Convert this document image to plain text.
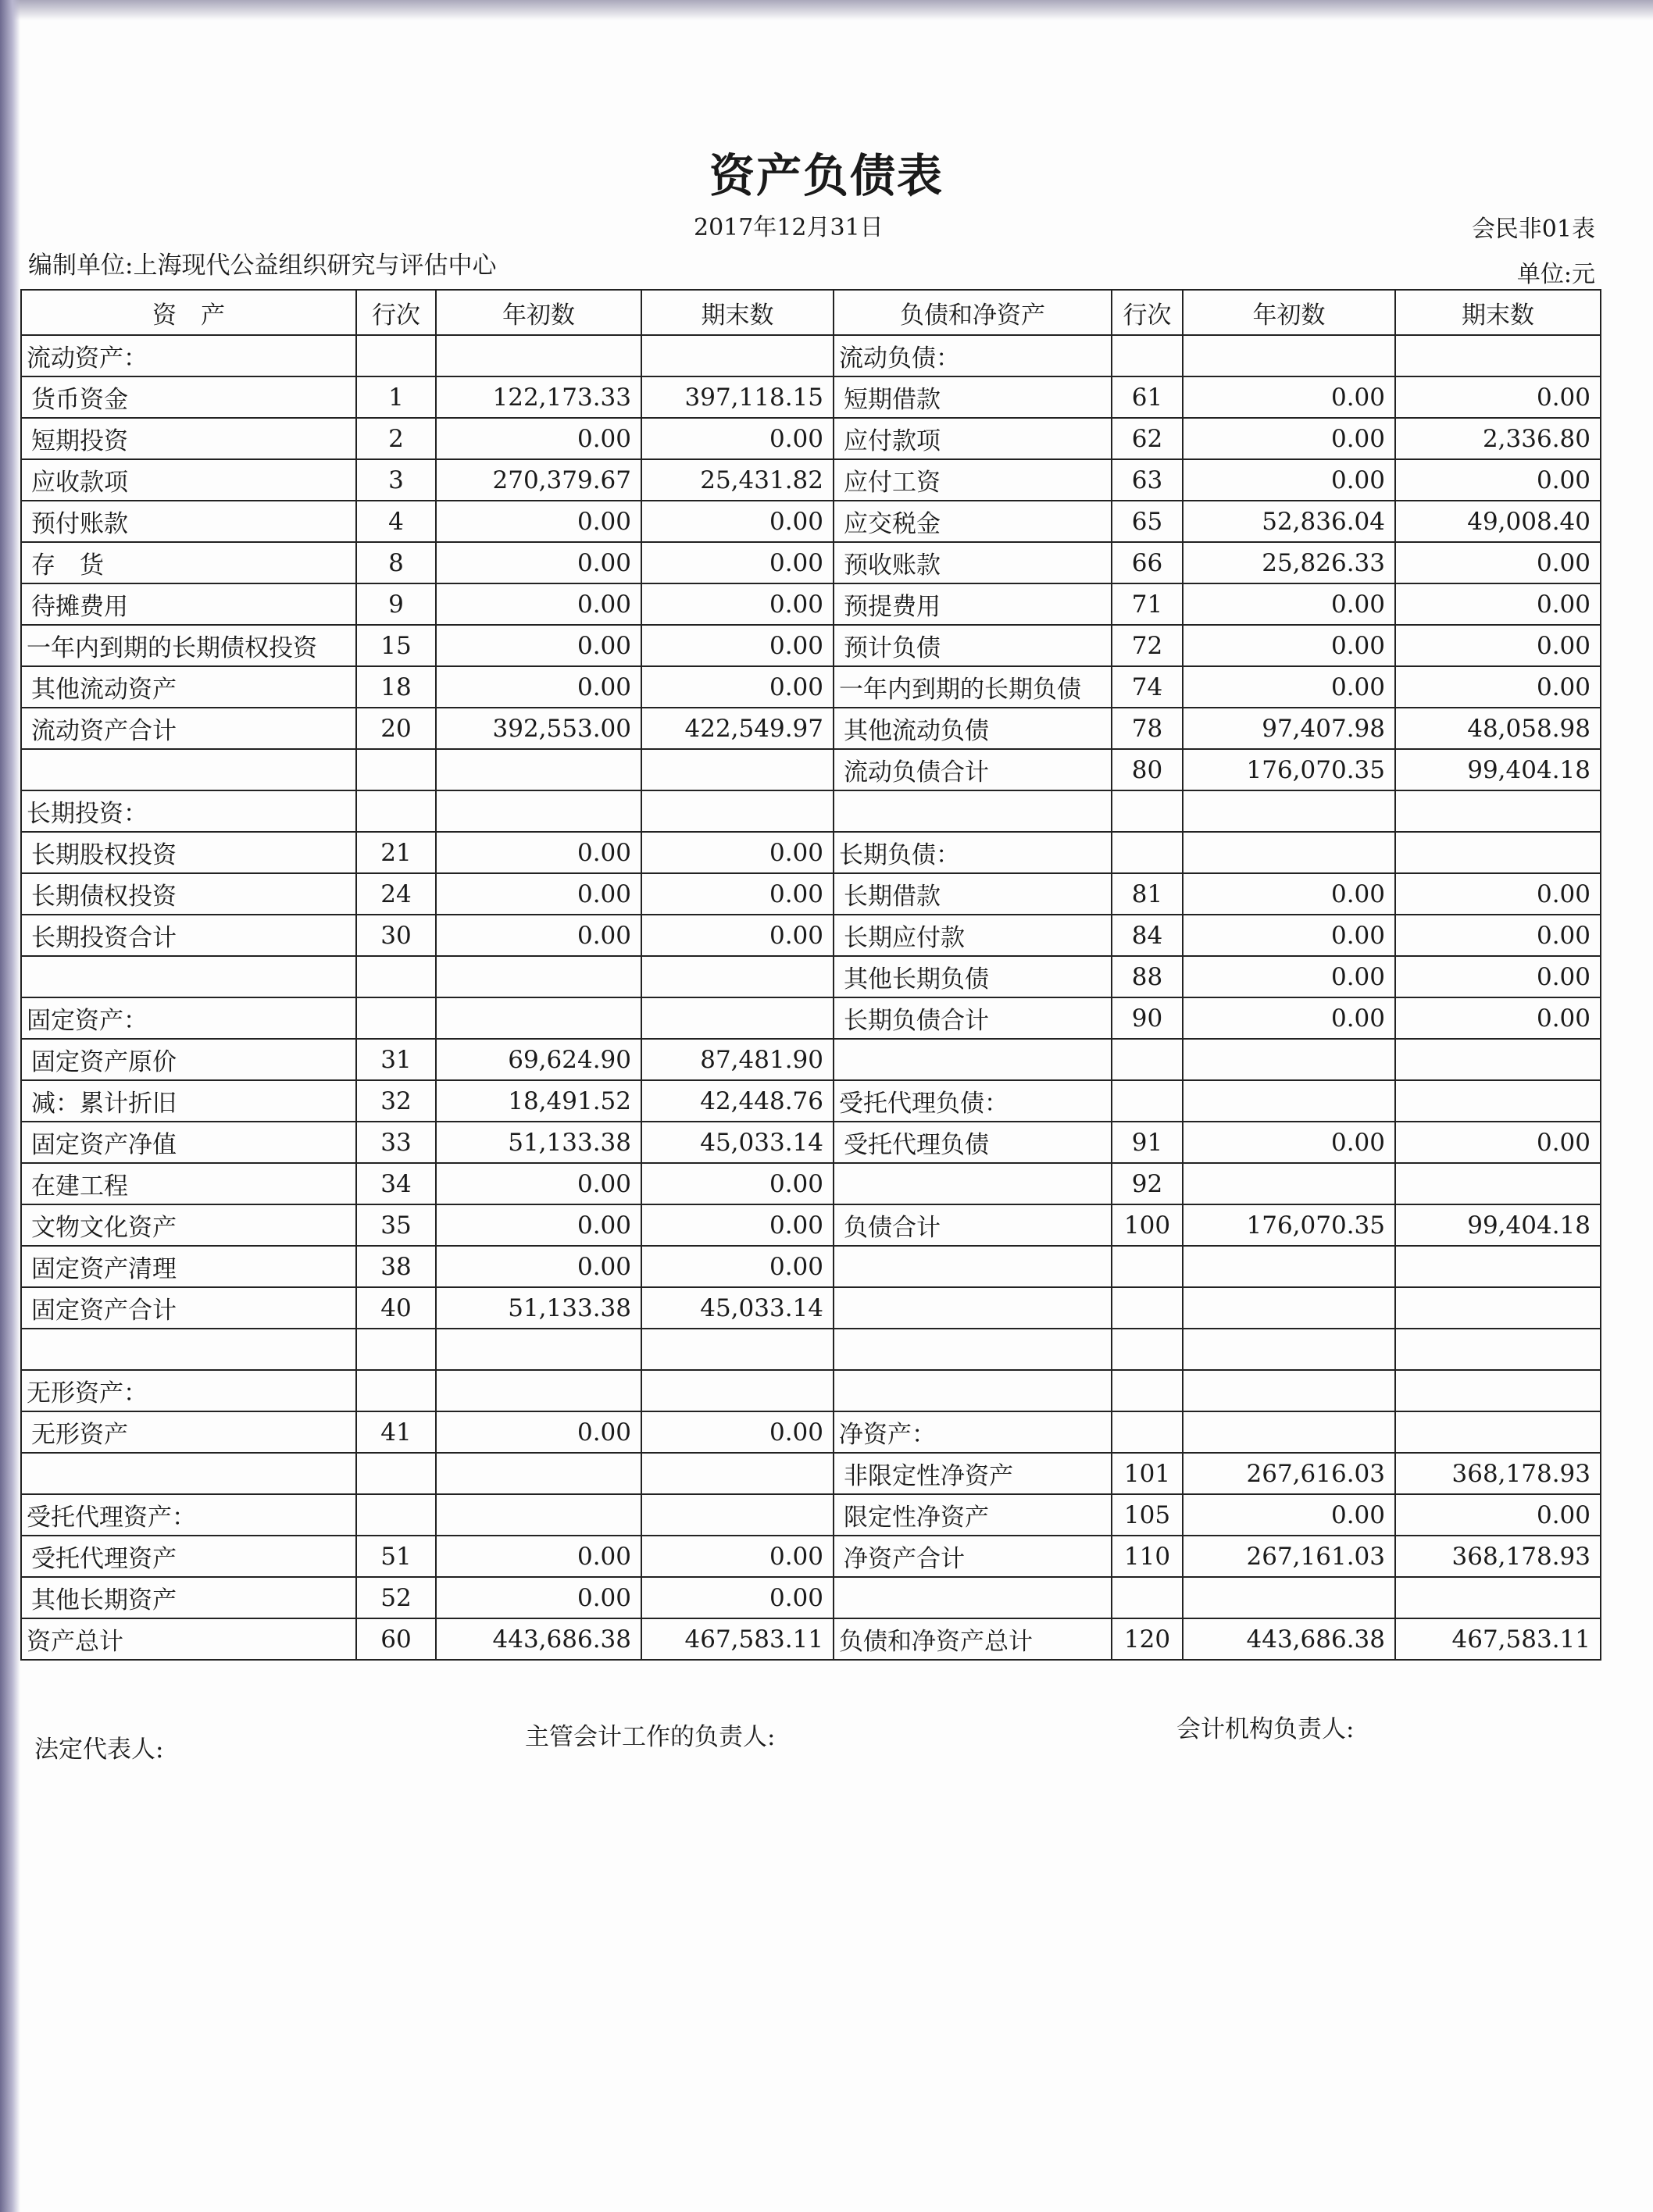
资产负债表
2017年12月31日	会民非01表
编制单位:上海现代公益组织研究与评估中心	单位:元
资　产	行次	年初数	期末数	负债和净资产	行次	年初数	期末数
流动资产：				流动负债：			
货币资金	1	122,173.33	397,118.15	短期借款	61	0.00	0.00
短期投资	2	0.00	0.00	应付款项	62	0.00	2,336.80
应收款项	3	270,379.67	25,431.82	应付工资	63	0.00	0.00
预付账款	4	0.00	0.00	应交税金	65	52,836.04	49,008.40
存　货	8	0.00	0.00	预收账款	66	25,826.33	0.00
待摊费用	9	0.00	0.00	预提费用	71	0.00	0.00
一年内到期的长期债权投资	15	0.00	0.00	预计负债	72	0.00	0.00
其他流动资产	18	0.00	0.00	一年内到期的长期负债	74	0.00	0.00
流动资产合计	20	392,553.00	422,549.97	其他流动负债	78	97,407.98	48,058.98
				流动负债合计	80	176,070.35	99,404.18
长期投资：							
长期股权投资	21	0.00	0.00	长期负债：			
长期债权投资	24	0.00	0.00	长期借款	81	0.00	0.00
长期投资合计	30	0.00	0.00	长期应付款	84	0.00	0.00
				其他长期负债	88	0.00	0.00
固定资产：				长期负债合计	90	0.00	0.00
固定资产原价	31	69,624.90	87,481.90				
减：累计折旧	32	18,491.52	42,448.76	受托代理负债：			
固定资产净值	33	51,133.38	45,033.14	受托代理负债	91	0.00	0.00
在建工程	34	0.00	0.00		92		
文物文化资产	35	0.00	0.00	负债合计	100	176,070.35	99,404.18
固定资产清理	38	0.00	0.00				
固定资产合计	40	51,133.38	45,033.14				

无形资产：							
无形资产	41	0.00	0.00	净资产：			
				非限定性净资产	101	267,616.03	368,178.93
受托代理资产：				限定性净资产	105	0.00	0.00
受托代理资产	51	0.00	0.00	净资产合计	110	267,161.03	368,178.93
其他长期资产	52	0.00	0.00				
资产总计	60	443,686.38	467,583.11	负债和净资产总计	120	443,686.38	467,583.11
法定代表人:	主管会计工作的负责人:	会计机构负责人:
